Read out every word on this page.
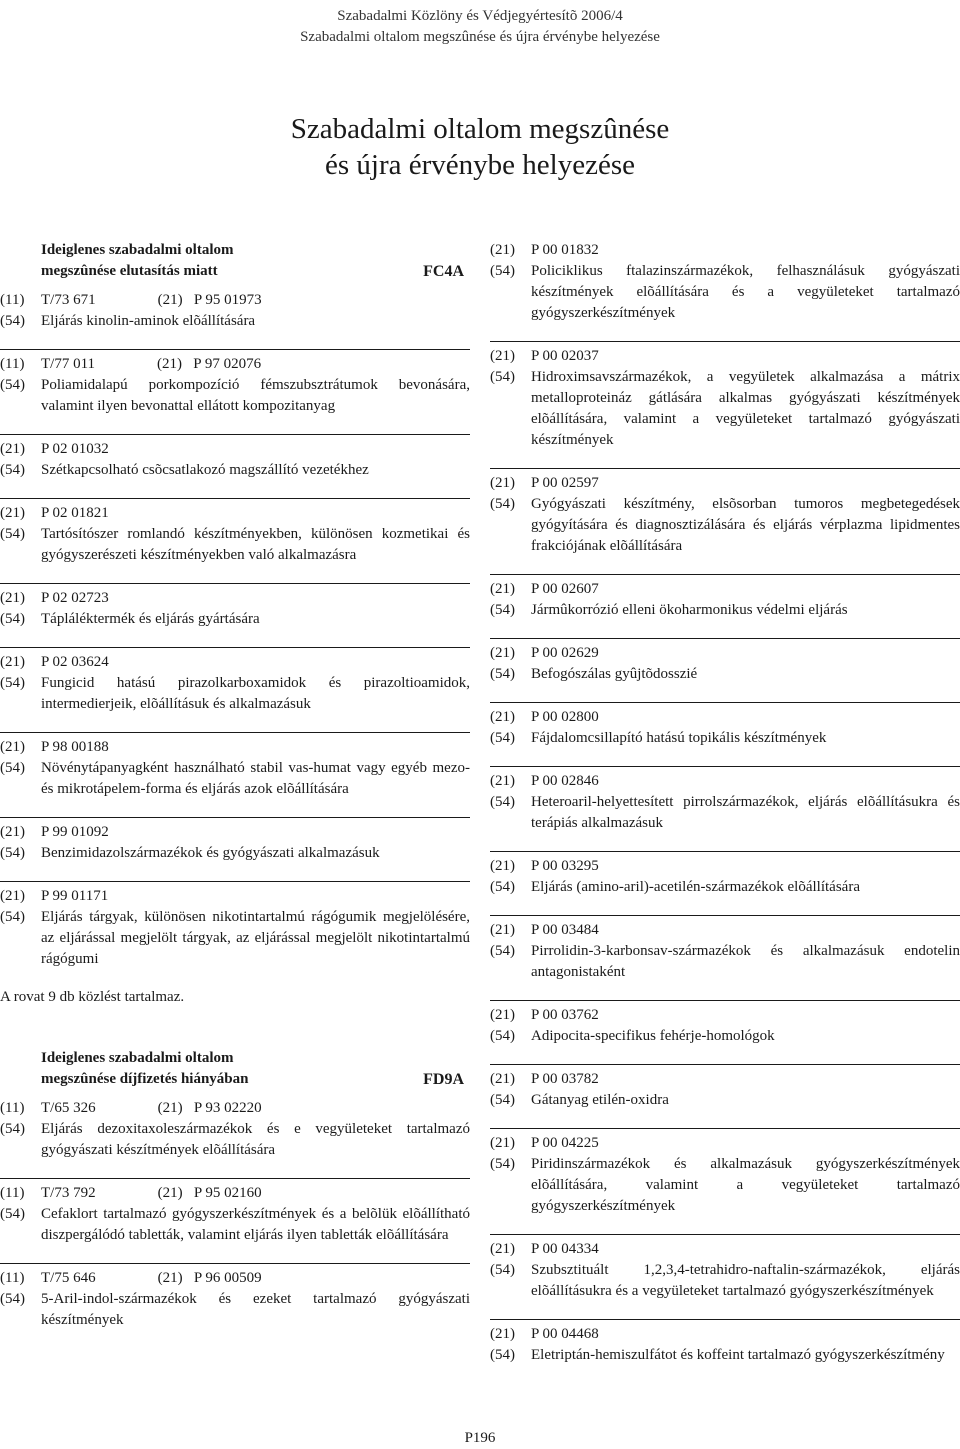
Szabadalmi Közlöny és Védjegyértesítõ 2006/4
Szabadalmi oltalom megszûnése és újra érvénybe helyezése
Szabadalmi oltalom megszûnése
és újra érvénybe helyezése
Ideiglenes szabadalmi oltalom
megszûnése elutasítás miatt	FC4A
(11) T/73 671	(21) P 95 01973
(54) Eljárás kinolin-aminok elõállítására
(11) T/77 011	(21) P 97 02076
(54) Poliamidalapú porkompozíció fémszubsztrátumok bevonására, valamint ilyen bevonattal ellátott kompozitanyag
(21) P 02 01032
(54) Szétkapcsolható csõcsatlakozó magszállító vezetékhez
(21) P 02 01821
(54) Tartósítószer romlandó készítményekben, különösen kozmetikai és gyógyszerészeti készítményekben való alkalmazásra
(21) P 02 02723
(54) Tápláléktermék és eljárás gyártására
(21) P 02 03624
(54) Fungicid hatású pirazolkarboxamidok és pirazoltioamidok, intermedierjeik, elõállításuk és alkalmazásuk
(21) P 98 00188
(54) Növénytápanyagként használható stabil vas-humat vagy egyéb mezo- és mikrotápelem-forma és eljárás azok elõállítására
(21) P 99 01092
(54) Benzimidazolszármazékok és gyógyászati alkalmazásuk
(21) P 99 01171
(54) Eljárás tárgyak, különösen nikotintartalmú rágógumik megjelölésére, az eljárással megjelölt tárgyak, az eljárással megjelölt nikotintartalmú rágógumi
A rovat 9 db közlést tartalmaz.
Ideiglenes szabadalmi oltalom
megszûnése díjfizetés hiányában	FD9A
(11) T/65 326	(21) P 93 02220
(54) Eljárás dezoxitaxoleszármazékok és e vegyületeket tartalmazó gyógyászati készítmények elõállítására
(11) T/73 792	(21) P 95 02160
(54) Cefaklort tartalmazó gyógyszerkészítmények és a belõlük elõállítható diszpergálódó tabletták, valamint eljárás ilyen tabletták elõállítására
(11) T/75 646	(21) P 96 00509
(54) 5-Aril-indol-származékok és ezeket tartalmazó gyógyászati készítmények
(21) P 00 01832
(54) Policiklikus ftalazinszármazékok, felhasználásuk gyógyászati készítmények elõállítására és a vegyületeket tartalmazó gyógyszerkészítmények
(21) P 00 02037
(54) Hidroximsavszármazékok, a vegyületek alkalmazása a mátrix metalloproteináz gátlására alkalmas gyógyászati készítmények elõállítására, valamint a vegyületeket tartalmazó gyógyászati készítmények
(21) P 00 02597
(54) Gyógyászati készítmény, elsõsorban tumoros megbetegedések gyógyítására és diagnosztizálására és eljárás vérplazma lipidmentes frakciójának elõállítására
(21) P 00 02607
(54) Jármûkorrózió elleni ökoharmonikus védelmi eljárás
(21) P 00 02629
(54) Befogószálas gyûjtõdosszié
(21) P 00 02800
(54) Fájdalomcsillapító hatású topikális készítmények
(21) P 00 02846
(54) Heteroaril-helyettesített pirrolszármazékok, eljárás elõállításukra és terápiás alkalmazásuk
(21) P 00 03295
(54) Eljárás (amino-aril)-acetilén-származékok elõállítására
(21) P 00 03484
(54) Pirrolidin-3-karbonsav-származékok és alkalmazásuk endotelin antagonistaként
(21) P 00 03762
(54) Adipocita-specifikus fehérje-homológok
(21) P 00 03782
(54) Gátanyag etilén-oxidra
(21) P 00 04225
(54) Piridinszármazékok és alkalmazásuk gyógyszerkészítmények elõállítására, valamint a vegyületeket tartalmazó gyógyszerkészítmények
(21) P 00 04334
(54) Szubsztituált 1,2,3,4-tetrahidro-naftalin-származékok, eljárás elõállításukra és a vegyületeket tartalmazó gyógyszerkészítmények
(21) P 00 04468
(54) Eletriptán-hemiszulfátot és koffeint tartalmazó gyógyszerkészítmény
P196
